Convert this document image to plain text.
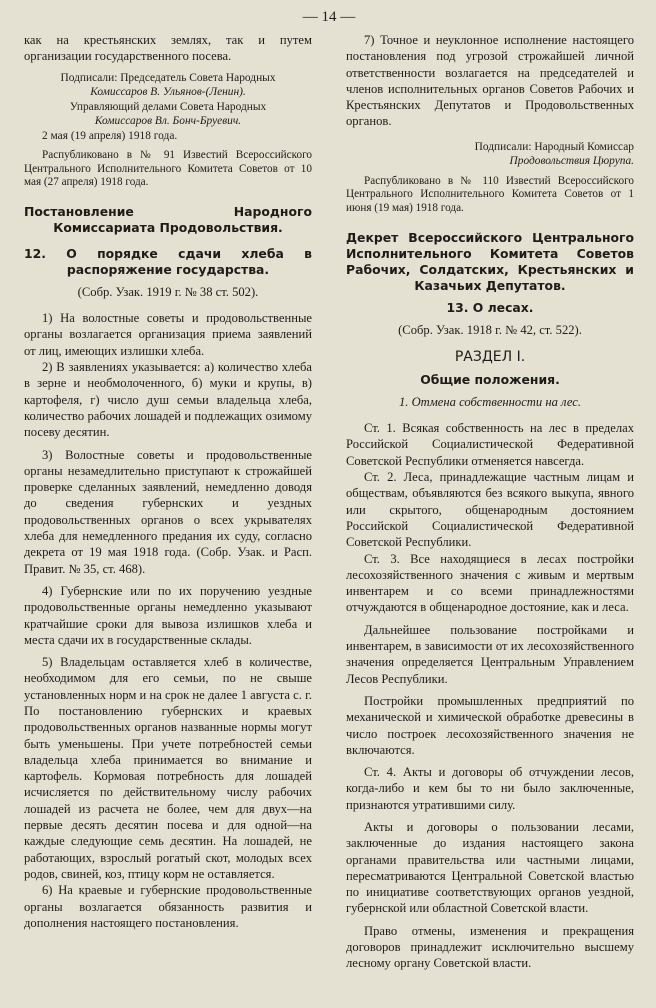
— 14 —

как на крестьянских землях, так и путем организации государственного посева.

Подписали: Председатель Совета Народных

Комиссаров В. Ульянов-(Ленин).

Управляющий делами Совета Народных

Комиссаров Вл. Бонч-Бруевич.

2 мая (19 апреля) 1918 года.

Распубликовано в № 91 Известий Всероссийского Центрального Исполнительного Комитета Советов от 10 мая (27 апреля) 1918 года.

Постановление Народного Комиссариата Продовольствия.

12. О порядке сдачи хлеба в распоряжение государства.

(Собр. Узак. 1919 г. № 38 ст. 502).

1) На волостные советы и продовольственные органы возлагается организация приема заявлений от лиц, имеющих излишки хлеба.

2) В заявлениях указывается: а) количество хлеба в зерне и необмолоченного, б) муки и крупы, в) картофеля, г) число душ семьи владельца хлеба, количество рабочих лошадей и подлежащих озимому посеву десятин.

3) Волостные советы и продовольственные органы незамедлительно приступают к строжайшей проверке сделанных заявлений, немедленно доводя до сведения губернских и уездных продовольственных органов о всех укрывателях хлеба для немедленного предания их суду, согласно декрета от 19 мая 1918 года. (Собр. Узак. и Расп. Правит. № 35, ст. 468).

4) Губернские или по их поручению уездные продовольственные органы немедленно указывают кратчайшие сроки для вывоза излишков хлеба и места сдачи их в государственные склады.

5) Владельцам оставляется хлеб в количестве, необходимом для его семьи, по не свыше установленных норм и на срок не далее 1 августа с. г. По постановлению губернских и краевых продовольственных органов названные нормы могут быть уменьшены. При учете потребностей семьи владельца хлеба принимается во внимание и картофель. Кормовая потребность для лошадей исчисляется по действительному числу рабочих лошадей из расчета не более, чем для двух—на первые десять десятин посева и для одной—на каждые следующие семь десятин. На лошадей, не работающих, взрослый рогатый скот, молодых всех родов, свиней, коз, птицу корм не оставляется.

6) На краевые и губернские продовольственные органы возлагается обязанность развития и дополнения настоящего постановления.

7) Точное и неуклонное исполнение настоящего постановления под угрозой строжайшей личной ответственности возлагается на председателей и членов исполнительных органов Советов Рабочих и Крестьянских Депутатов и Продовольственных органов.

Подписали: Народный Комиссар

Продовольствия Цюрупа.

Распубликовано в № 110 Известий Всероссийского Центрального Исполнительного Комитета Советов от 1 июня (19 мая) 1918 года.

Декрет Всероссийского Центрального Исполнительного Комитета Советов Рабочих, Солдатских, Крестьянских и Казачьих Депутатов.

13. О лесах.

(Собр. Узак. 1918 г. № 42, ст. 522).

РАЗДЕЛ I.

Общие положения.

1. Отмена собственности на лес.

Ст. 1. Всякая собственность на лес в пределах Российской Социалистической Федеративной Советской Республики отменяется навсегда.

Ст. 2. Леса, принадлежащие частным лицам и обществам, объявляются без всякого выкупа, явного или скрытого, общенародным достоянием Российской Социалистической Федеративной Советской Республики.

Ст. 3. Все находящиеся в лесах постройки лесохозяйственного значения с живым и мертвым инвентарем и со всеми принадлежностями отчуждаются в общенародное достояние, как и леса.

Дальнейшее пользование постройками и инвентарем, в зависимости от их лесохозяйственного значения определяется Центральным Управлением Лесов Республики.

Постройки промышленных предприятий по механической и химической обработке древесины в число построек лесохозяйственного значения не включаются.

Ст. 4. Акты и договоры об отчуждении лесов, когда-либо и кем бы то ни было заключенные, признаются утратившими силу.

Акты и договоры о пользовании лесами, заключенные до издания настоящего закона органами правительства или частными лицами, пересматриваются Центральной Советской властью по инициативе соответствующих органов уездной, губернской или областной Советской власти.

Право отмены, изменения и прекращения договоров принадлежит исключительно высшему лесному органу Советской власти.
